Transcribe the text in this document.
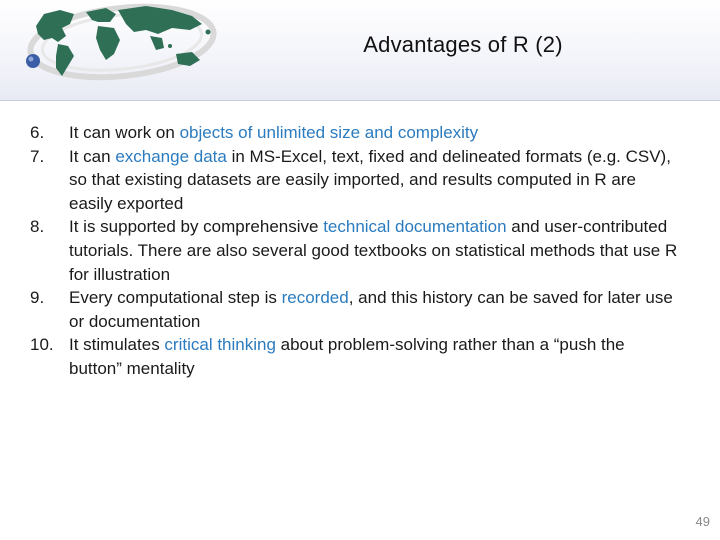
Advantages of R (2)
6.	It can work on objects of unlimited size and complexity
7.	It can exchange data in MS-Excel, text, fixed and delineated formats (e.g. CSV), so that existing datasets are easily imported, and results computed in R are easily exported
8.	It is supported by comprehensive technical documentation and user-contributed tutorials. There are also several good textbooks on statistical methods that use R for illustration
9.	Every computational step is recorded, and this history can be saved for later use or documentation
10. It stimulates critical thinking about problem-solving rather than a “push the button” mentality
49
